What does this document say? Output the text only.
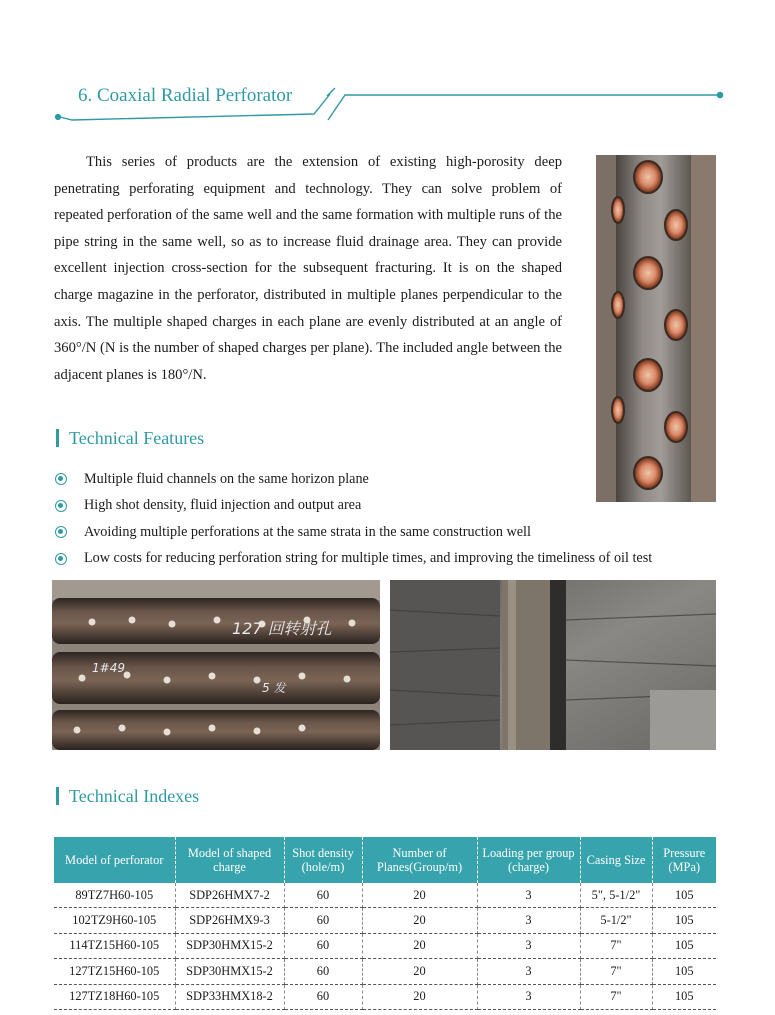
6. Coaxial Radial Perforator

This series of products are the extension of existing high-porosity deep penetrating perforating equipment and technology. They can solve problem of repeated perforation of the same well and the same formation with multiple runs of the pipe string in the same well, so as to increase fluid drainage area. They can provide excellent injection cross-section for the subsequent fracturing. It is on the shaped charge magazine in the perforator, distributed in multiple planes perpendicular to the axis. The multiple shaped charges in each plane are evenly distributed at an angle of 360°/N (N is the number of shaped charges per plane). The included angle between the adjacent planes is 180°/N.

Technical Features
Multiple fluid channels on the same horizon plane
High shot density, fluid injection and output area
Avoiding multiple perforations at the same strata in the same construction well
Low costs for reducing perforation string for multiple times, and improving the timeliness of oil test
127 回转射孔
1#49
5 发
Technical Indexes
Model of perforator	Model of shaped charge	Shot density (hole/m)	Number of Planes(Group/m)	Loading per group (charge)	Casing Size	Pressure (MPa)
89TZ7H60-105	SDP26HMX7-2	60	20	3	5", 5-1/2"	105
102TZ9H60-105	SDP26HMX9-3	60	20	3	5-1/2"	105
114TZ15H60-105	SDP30HMX15-2	60	20	3	7"	105
127TZ15H60-105	SDP30HMX15-2	60	20	3	7"	105
127TZ18H60-105	SDP33HMX18-2	60	20	3	7"	105
